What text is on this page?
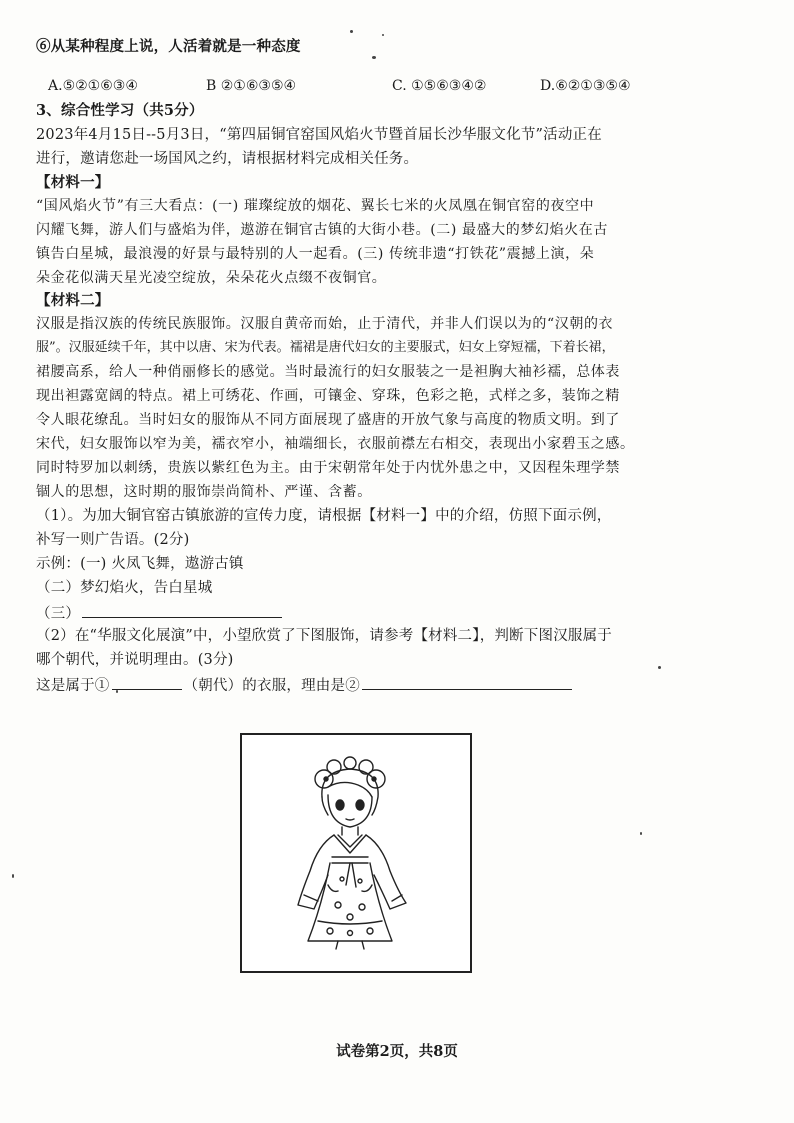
⑥从某种程度上说，人活着就是一种态度
A.⑤②①⑥③④	B ②①⑥③⑤④	C. ①⑤⑥③④②	D.⑥②①③⑤④
3、综合性学习（共5分）
2023年4月15日--5月3日，“第四届铜官窑国风焰火节暨首届长沙华服文化节”活动正在
进行，邀请您赴一场国风之约，请根据材料完成相关任务。
【材料一】
“国风焰火节”有三大看点：(一) 璀璨绽放的烟花、翼长七米的火凤凰在铜官窑的夜空中
闪耀飞舞，游人们与盛焰为伴，遨游在铜官古镇的大街小巷。(二) 最盛大的梦幻焰火在古
镇告白星城，最浪漫的好景与最特别的人一起看。(三) 传统非遗“打铁花”震撼上演，朵
朵金花似满天星光凌空绽放，朵朵花火点缀不夜铜官。
【材料二】
汉服是指汉族的传统民族服饰。汉服自黄帝而始，止于清代，并非人们误以为的“汉朝的衣
服”。汉服延续千年，其中以唐、宋为代表。襦裙是唐代妇女的主要服式，妇女上穿短襦，下着长裙，
裙腰高系，给人一种俏丽修长的感觉。当时最流行的妇女服装之一是袒胸大袖衫襦，总体表
现出袒露宽阔的特点。裙上可绣花、作画，可镶金、穿珠，色彩之艳，式样之多，装饰之精
令人眼花缭乱。当时妇女的服饰从不同方面展现了盛唐的开放气象与高度的物质文明。到了
宋代，妇女服饰以窄为美，襦衣窄小，袖端细长，衣服前襟左右相交，表现出小家碧玉之感。
同时特罗加以刺绣，贵族以紫红色为主。由于宋朝常年处于内忧外患之中，又因程朱理学禁
锢人的思想，这时期的服饰崇尚简朴、严谨、含蓄。
（1）。为加大铜官窑古镇旅游的宣传力度，请根据【材料一】中的介绍，仿照下面示例，
补写一则广告语。(2分)
示例：(一) 火凤飞舞，遨游古镇
（二）梦幻焰火，告白星城
（三）
（2）在“华服文化展演”中，小望欣赏了下图服饰，请参考【材料二】，判断下图汉服属于
哪个朝代，并说明理由。(3分)
这是属于①	（朝代）的衣服，理由是②
试卷第2页，共8页
